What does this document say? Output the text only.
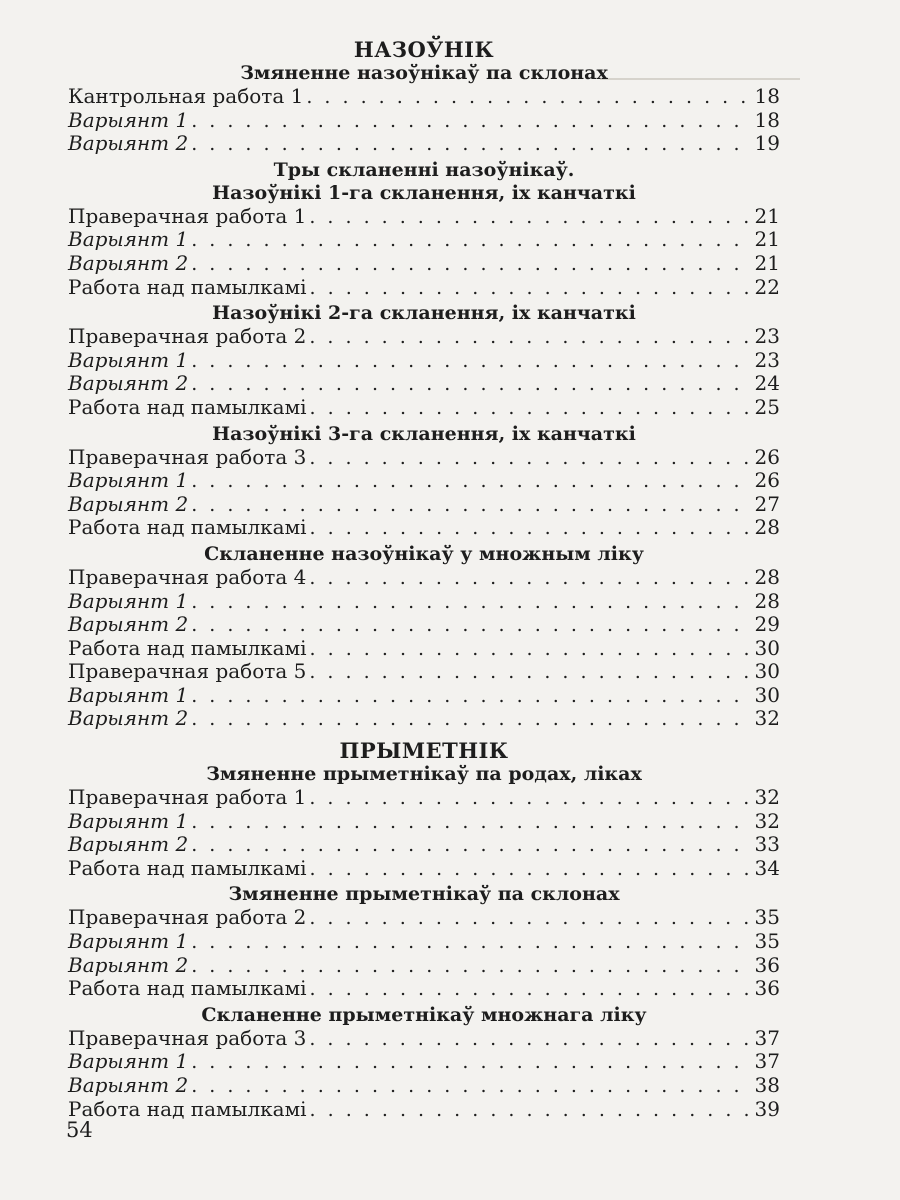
НАЗОЎНІК
Змяненне назоўнікаў па склонах
Кантрольная работа 1 . . .	18
Варыянт 1 . . .	18
Варыянт 2 . . .	19
Тры скланенні назоўнікаў.
Назоўнікі 1-га скланення, іх канчаткі
Праверачная работа 1 . . .	21
Варыянт 1 . . .	21
Варыянт 2 . . .	21
Работа над памылкамі . . .	22
Назоўнікі 2-га скланення, іх канчаткі
Праверачная работа 2 . . .	23
Варыянт 1 . . .	23
Варыянт 2 . . .	24
Работа над памылкамі . . .	25
Назоўнікі 3-га скланення, іх канчаткі
Праверачная работа 3 . . .	26
Варыянт 1 . . .	26
Варыянт 2 . . .	27
Работа над памылкамі . . .	28
Скланенне назоўнікаў у множным ліку
Праверачная работа 4 . . .	28
Варыянт 1 . . .	28
Варыянт 2 . . .	29
Работа над памылкамі . . .	30
Праверачная работа 5 . . .	30
Варыянт 1 . . .	30
Варыянт 2 . . .	32
ПРЫМЕТНІК
Змяненне прыметнікаў па родах, ліках
Праверачная работа 1 . . .	32
Варыянт 1 . . .	32
Варыянт 2 . . .	33
Работа над памылкамі . . .	34
Змяненне прыметнікаў па склонах
Праверачная работа 2 . . .	35
Варыянт 1 . . .	35
Варыянт 2 . . .	36
Работа над памылкамі . . .	36
Скланенне прыметнікаў множнага ліку
Праверачная работа 3 . . .	37
Варыянт 1 . . .	37
Варыянт 2 . . .	38
Работа над памылкамі . . .	39
54
